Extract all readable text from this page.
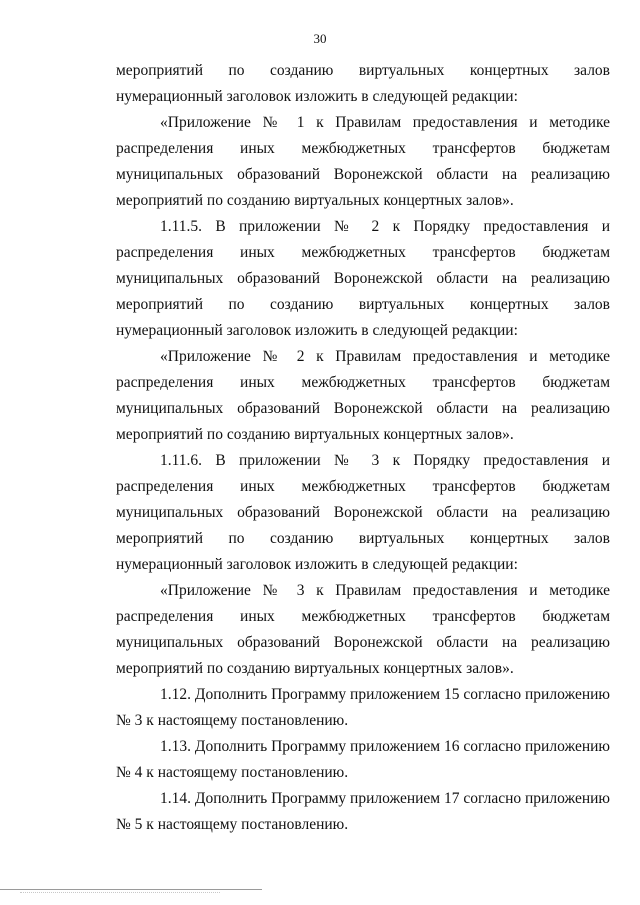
30

мероприятий по созданию виртуальных концертных залов нумерационный заголовок изложить в следующей редакции:

«Приложение № 1 к Правилам предоставления и методике распределения иных межбюджетных трансфертов бюджетам муниципальных образований Воронежской области на реализацию мероприятий по созданию виртуальных концертных залов».

1.11.5. В приложении № 2 к Порядку предоставления и распределения иных межбюджетных трансфертов бюджетам муниципальных образований Воронежской области на реализацию мероприятий по созданию виртуальных концертных залов нумерационный заголовок изложить в следующей редакции:

«Приложение № 2 к Правилам предоставления и методике распределения иных межбюджетных трансфертов бюджетам муниципальных образований Воронежской области на реализацию мероприятий по созданию виртуальных концертных залов».

1.11.6. В приложении № 3 к Порядку предоставления и распределения иных межбюджетных трансфертов бюджетам муниципальных образований Воронежской области на реализацию мероприятий по созданию виртуальных концертных залов нумерационный заголовок изложить в следующей редакции:

«Приложение № 3 к Правилам предоставления и методике распределения иных межбюджетных трансфертов бюджетам муниципальных образований Воронежской области на реализацию мероприятий по созданию виртуальных концертных залов».

1.12. Дополнить Программу приложением 15 согласно приложению № 3 к настоящему постановлению.

1.13. Дополнить Программу приложением 16 согласно приложению № 4 к настоящему постановлению.

1.14. Дополнить Программу приложением 17 согласно приложению № 5 к настоящему постановлению.
